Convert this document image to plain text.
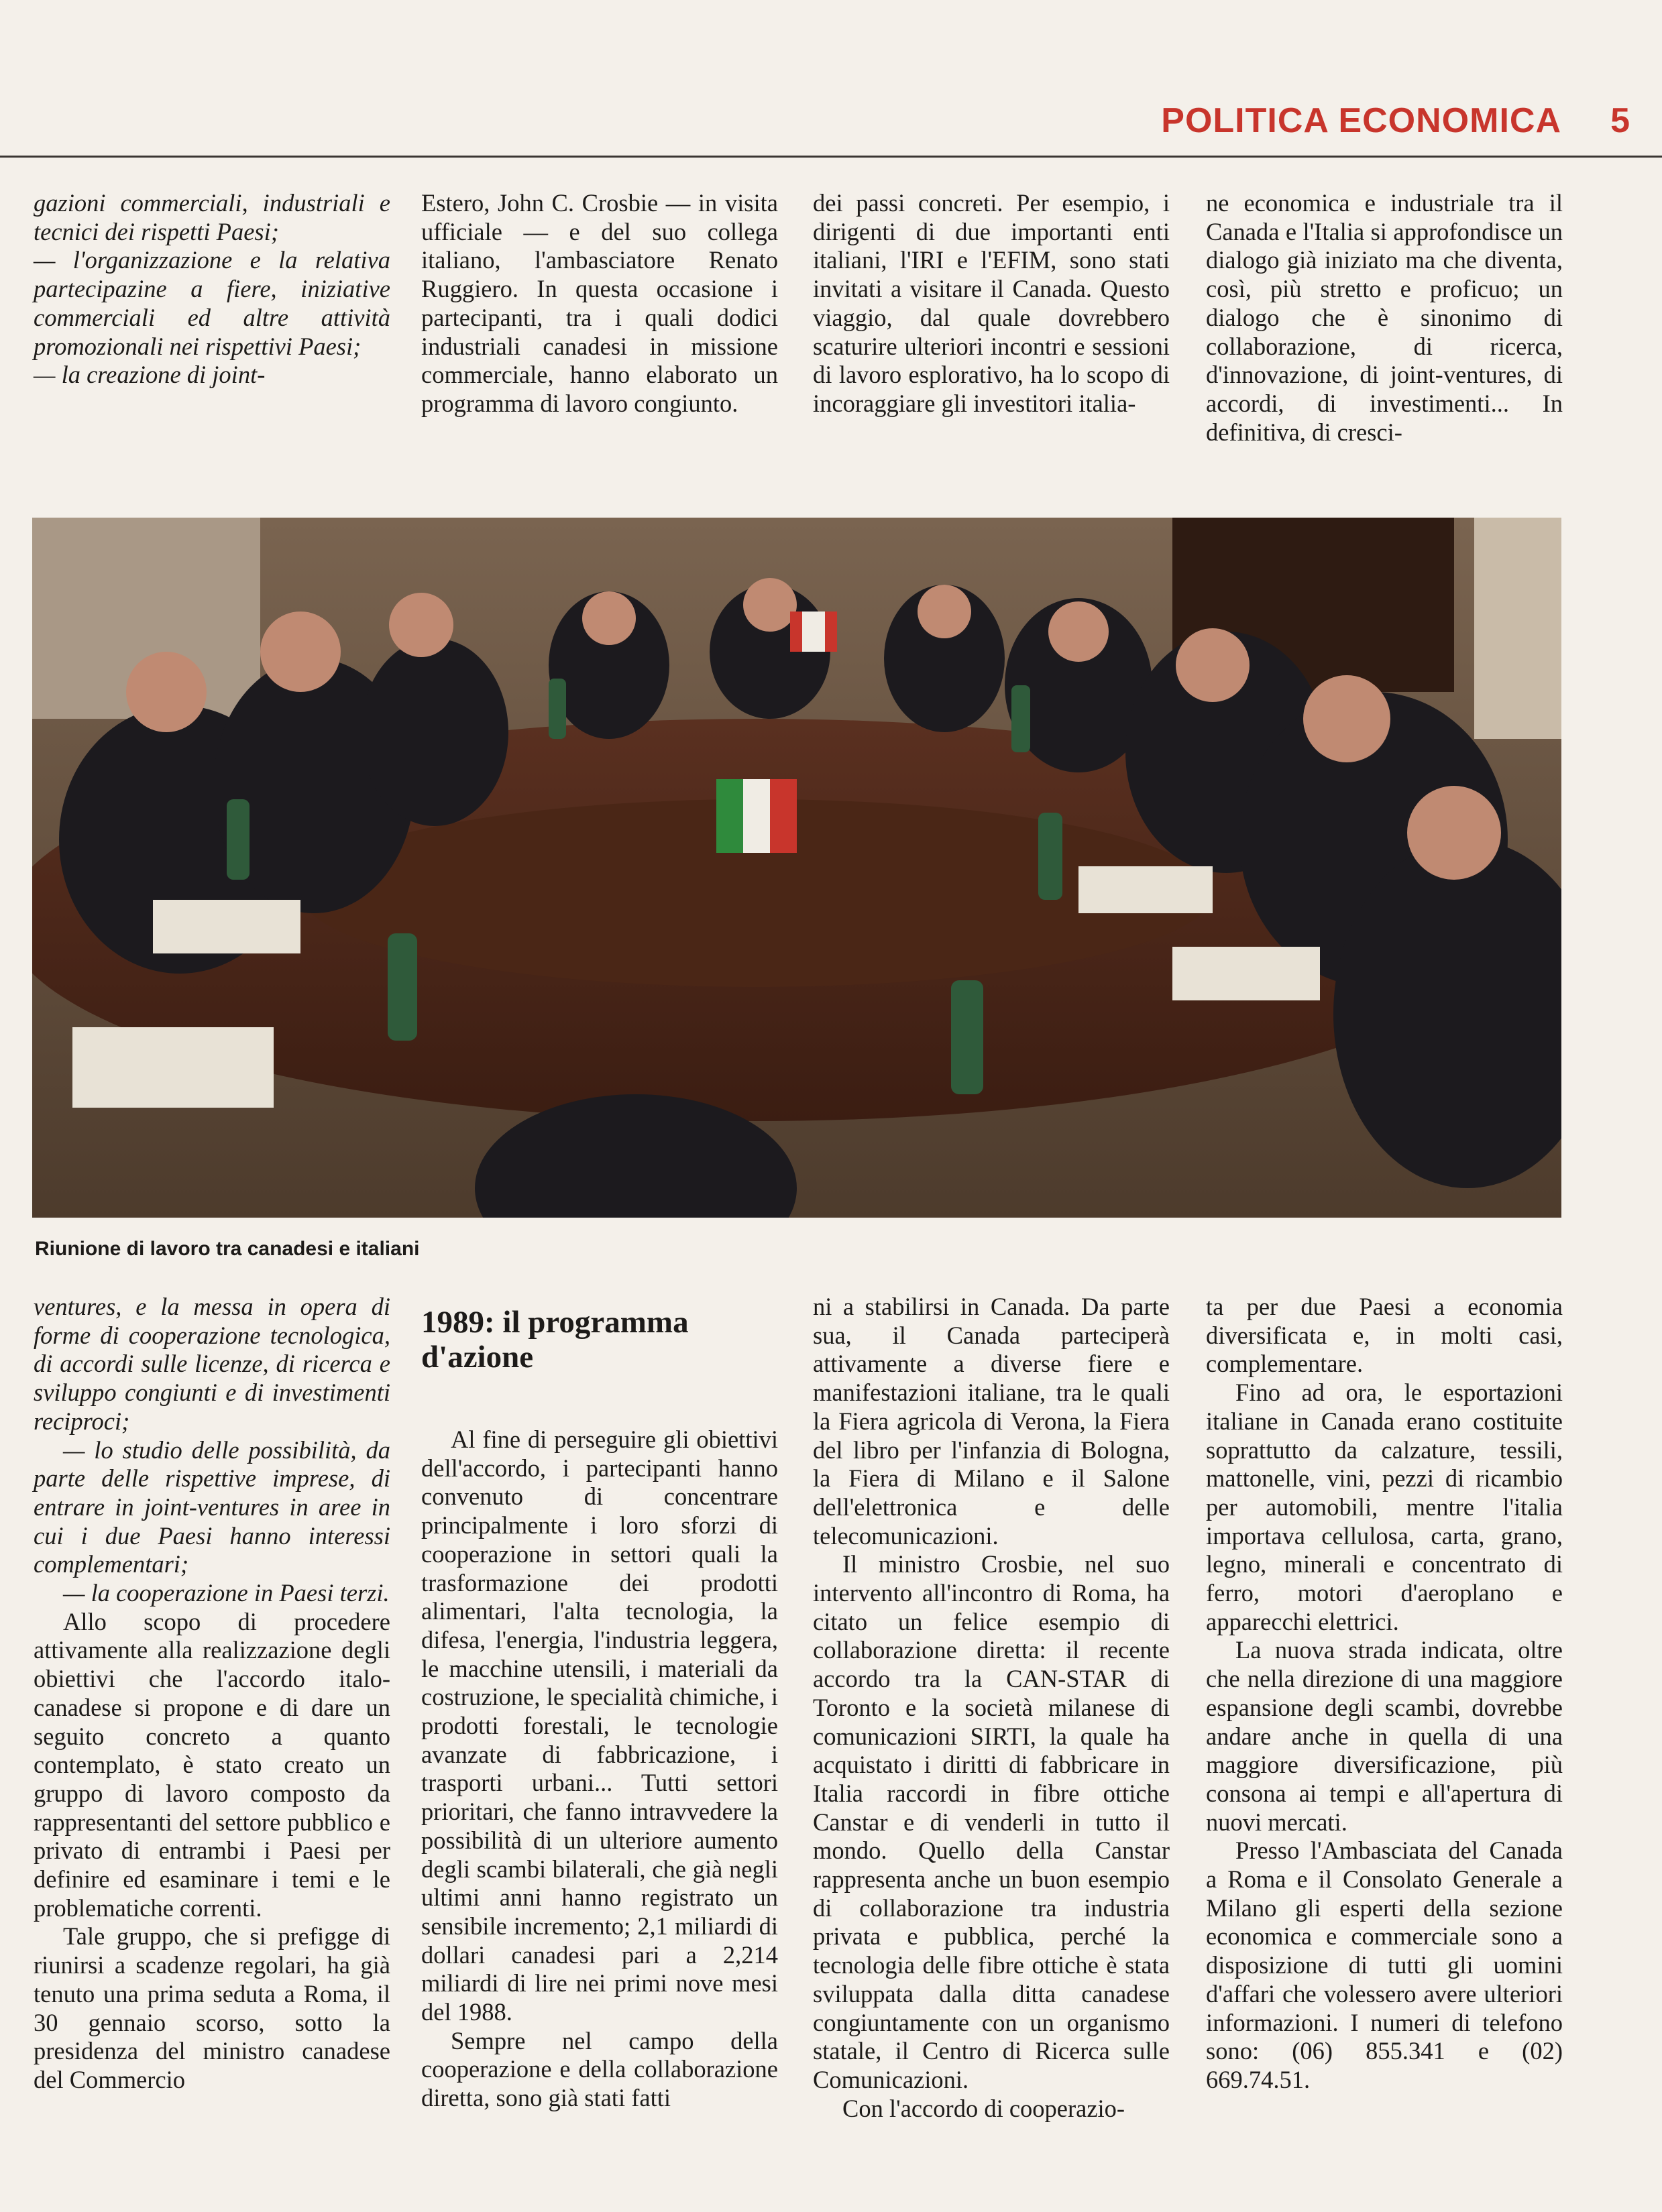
POLITICA ECONOMICA 5

gazioni commerciali, industriali e tecnici dei rispetti Paesi;

— l'organizzazione e la relativa partecipazine a fiere, iniziative commerciali ed altre attività promozionali nei rispettivi Paesi;

— la creazione di joint-

Estero, John C. Crosbie — in visita ufficiale — e del suo collega italiano, l'ambasciatore Renato Ruggiero. In questa occasione i partecipanti, tra i quali dodici industriali canadesi in missione commerciale, hanno elaborato un programma di lavoro congiunto.

dei passi concreti. Per esempio, i dirigenti di due importanti enti italiani, l'IRI e l'EFIM, sono stati invitati a visitare il Canada. Questo viaggio, dal quale dovrebbero scaturire ulteriori incontri e sessioni di lavoro esplorativo, ha lo scopo di incoraggiare gli investitori italia-

ne economica e industriale tra il Canada e l'Italia si approfondisce un dialogo già iniziato ma che diventa, così, più stretto e proficuo; un dialogo che è sinonimo di collaborazione, di ricerca, d'innovazione, di joint-ventures, di accordi, di investimenti... In definitiva, di cresci-

Riunione di lavoro tra canadesi e italiani

ventures, e la messa in opera di forme di cooperazione tecnologica, di accordi sulle licenze, di ricerca e sviluppo congiunti e di investimenti reciproci;

— lo studio delle possibilità, da parte delle rispettive imprese, di entrare in joint-ventures in aree in cui i due Paesi hanno interessi complementari;

— la cooperazione in Paesi terzi.

Allo scopo di procedere attivamente alla realizzazione degli obiettivi che l'accordo italo-canadese si propone e di dare un seguito concreto a quanto contemplato, è stato creato un gruppo di lavoro composto da rappresentanti del settore pubblico e privato di entrambi i Paesi per definire ed esaminare i temi e le problematiche correnti.

Tale gruppo, che si prefigge di riunirsi a scadenze regolari, ha già tenuto una prima seduta a Roma, il 30 gennaio scorso, sotto la presidenza del ministro canadese del Commercio

1989: il programma d'azione

Al fine di perseguire gli obiettivi dell'accordo, i partecipanti hanno convenuto di concentrare principalmente i loro sforzi di cooperazione in settori quali la trasformazione dei prodotti alimentari, l'alta tecnologia, la difesa, l'energia, l'industria leggera, le macchine utensili, i materiali da costruzione, le specialità chimiche, i prodotti forestali, le tecnologie avanzate di fabbricazione, i trasporti urbani... Tutti settori prioritari, che fanno intravvedere la possibilità di un ulteriore aumento degli scambi bilaterali, che già negli ultimi anni hanno registrato un sensibile incremento; 2,1 miliardi di dollari canadesi pari a 2,214 miliardi di lire nei primi nove mesi del 1988.

Sempre nel campo della cooperazione e della collaborazione diretta, sono già stati fatti

ni a stabilirsi in Canada. Da parte sua, il Canada parteciperà attivamente a diverse fiere e manifestazioni italiane, tra le quali la Fiera agricola di Verona, la Fiera del libro per l'infanzia di Bologna, la Fiera di Milano e il Salone dell'elettronica e delle telecomunicazioni.

Il ministro Crosbie, nel suo intervento all'incontro di Roma, ha citato un felice esempio di collaborazione diretta: il recente accordo tra la CAN-STAR di Toronto e la società milanese di comunicazioni SIRTI, la quale ha acquistato i diritti di fabbricare in Italia raccordi in fibre ottiche Canstar e di venderli in tutto il mondo. Quello della Canstar rappresenta anche un buon esempio di collaborazione tra industria privata e pubblica, perché la tecnologia delle fibre ottiche è stata sviluppata dalla ditta canadese congiuntamente con un organismo statale, il Centro di Ricerca sulle Comunicazioni.

Con l'accordo di cooperazio-

ta per due Paesi a economia diversificata e, in molti casi, complementare.

Fino ad ora, le esportazioni italiane in Canada erano costituite soprattutto da calzature, tessili, mattonelle, vini, pezzi di ricambio per automobili, mentre l'italia importava cellulosa, carta, grano, legno, minerali e concentrato di ferro, motori d'aeroplano e apparecchi elettrici.

La nuova strada indicata, oltre che nella direzione di una maggiore espansione degli scambi, dovrebbe andare anche in quella di una maggiore diversificazione, più consona ai tempi e all'apertura di nuovi mercati.

Presso l'Ambasciata del Canada a Roma e il Consolato Generale a Milano gli esperti della sezione economica e commerciale sono a disposizione di tutti gli uomini d'affari che volessero avere ulteriori informazioni. I numeri di telefono sono: (06) 855.341 e (02) 669.74.51.
